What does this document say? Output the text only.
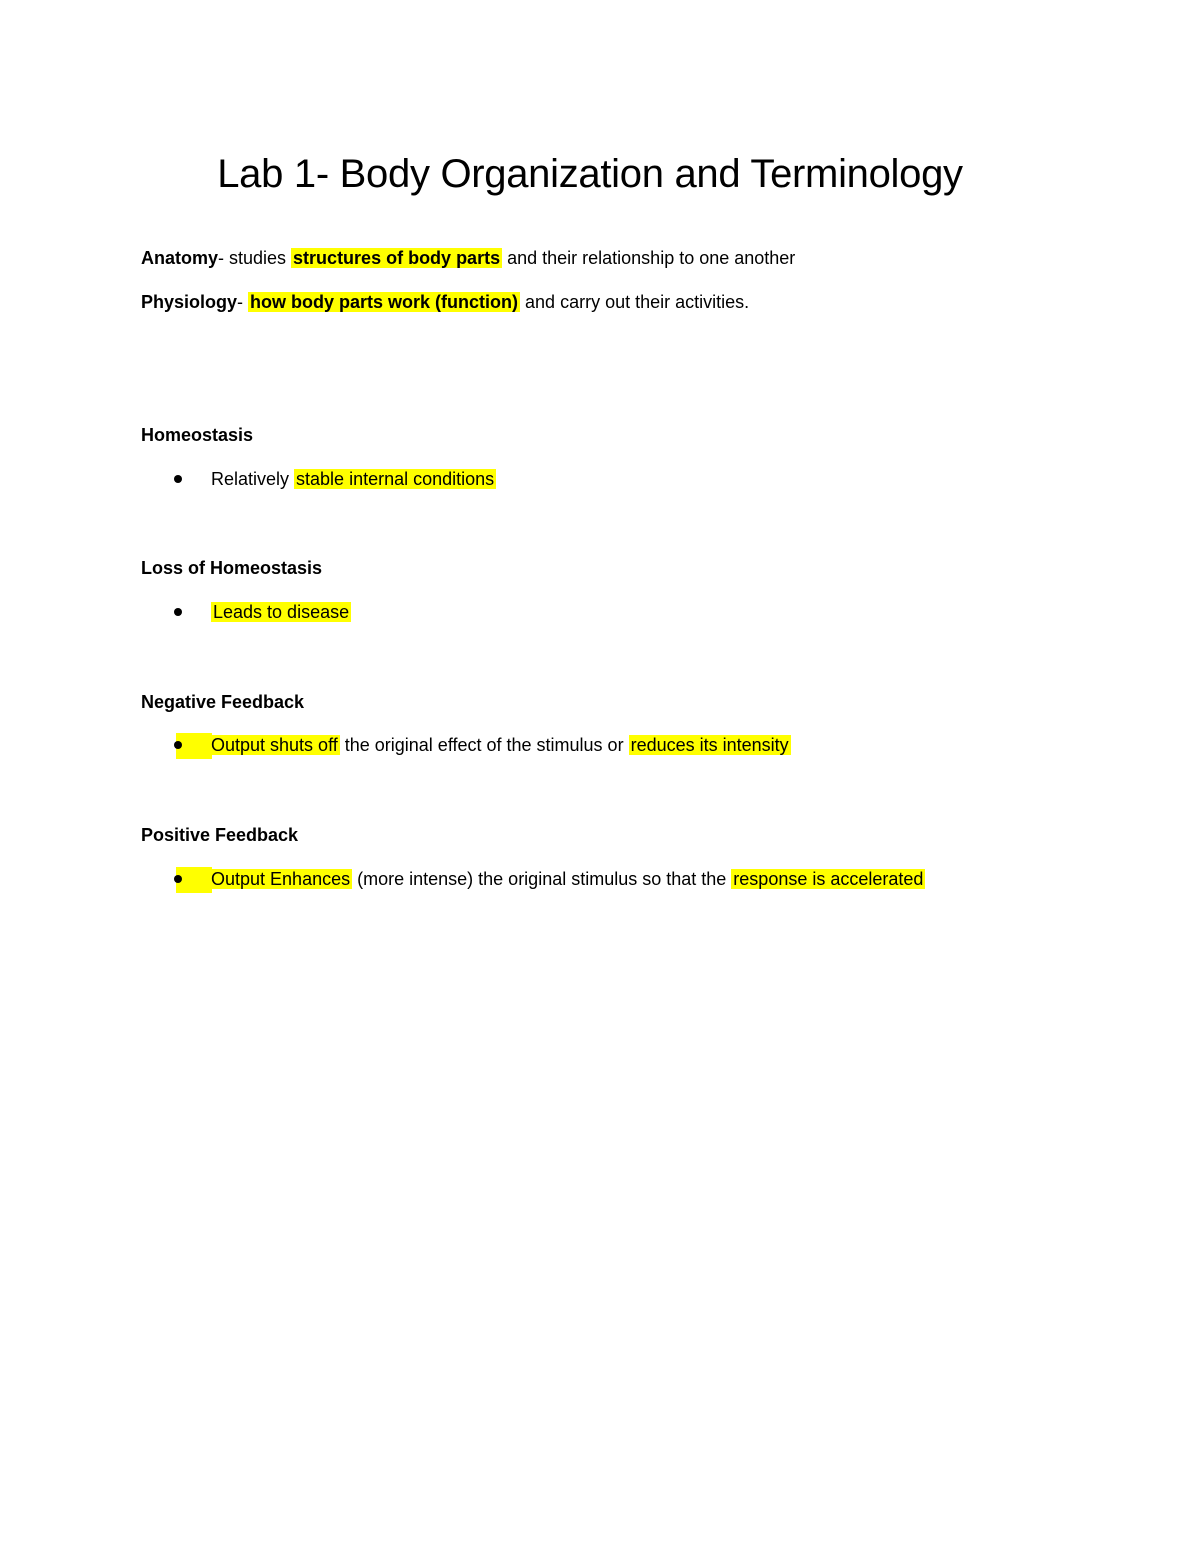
Lab 1- Body Organization and Terminology

Anatomy- studies structures of body parts and their relationship to one another

Physiology- how body parts work (function) and carry out their activities.

Homeostasis

Relatively stable internal conditions

Loss of Homeostasis

Leads to disease

Negative Feedback

Output shuts off the original effect of the stimulus or reduces its intensity

Positive Feedback

Output Enhances (more intense) the original stimulus so that the response is accelerated
